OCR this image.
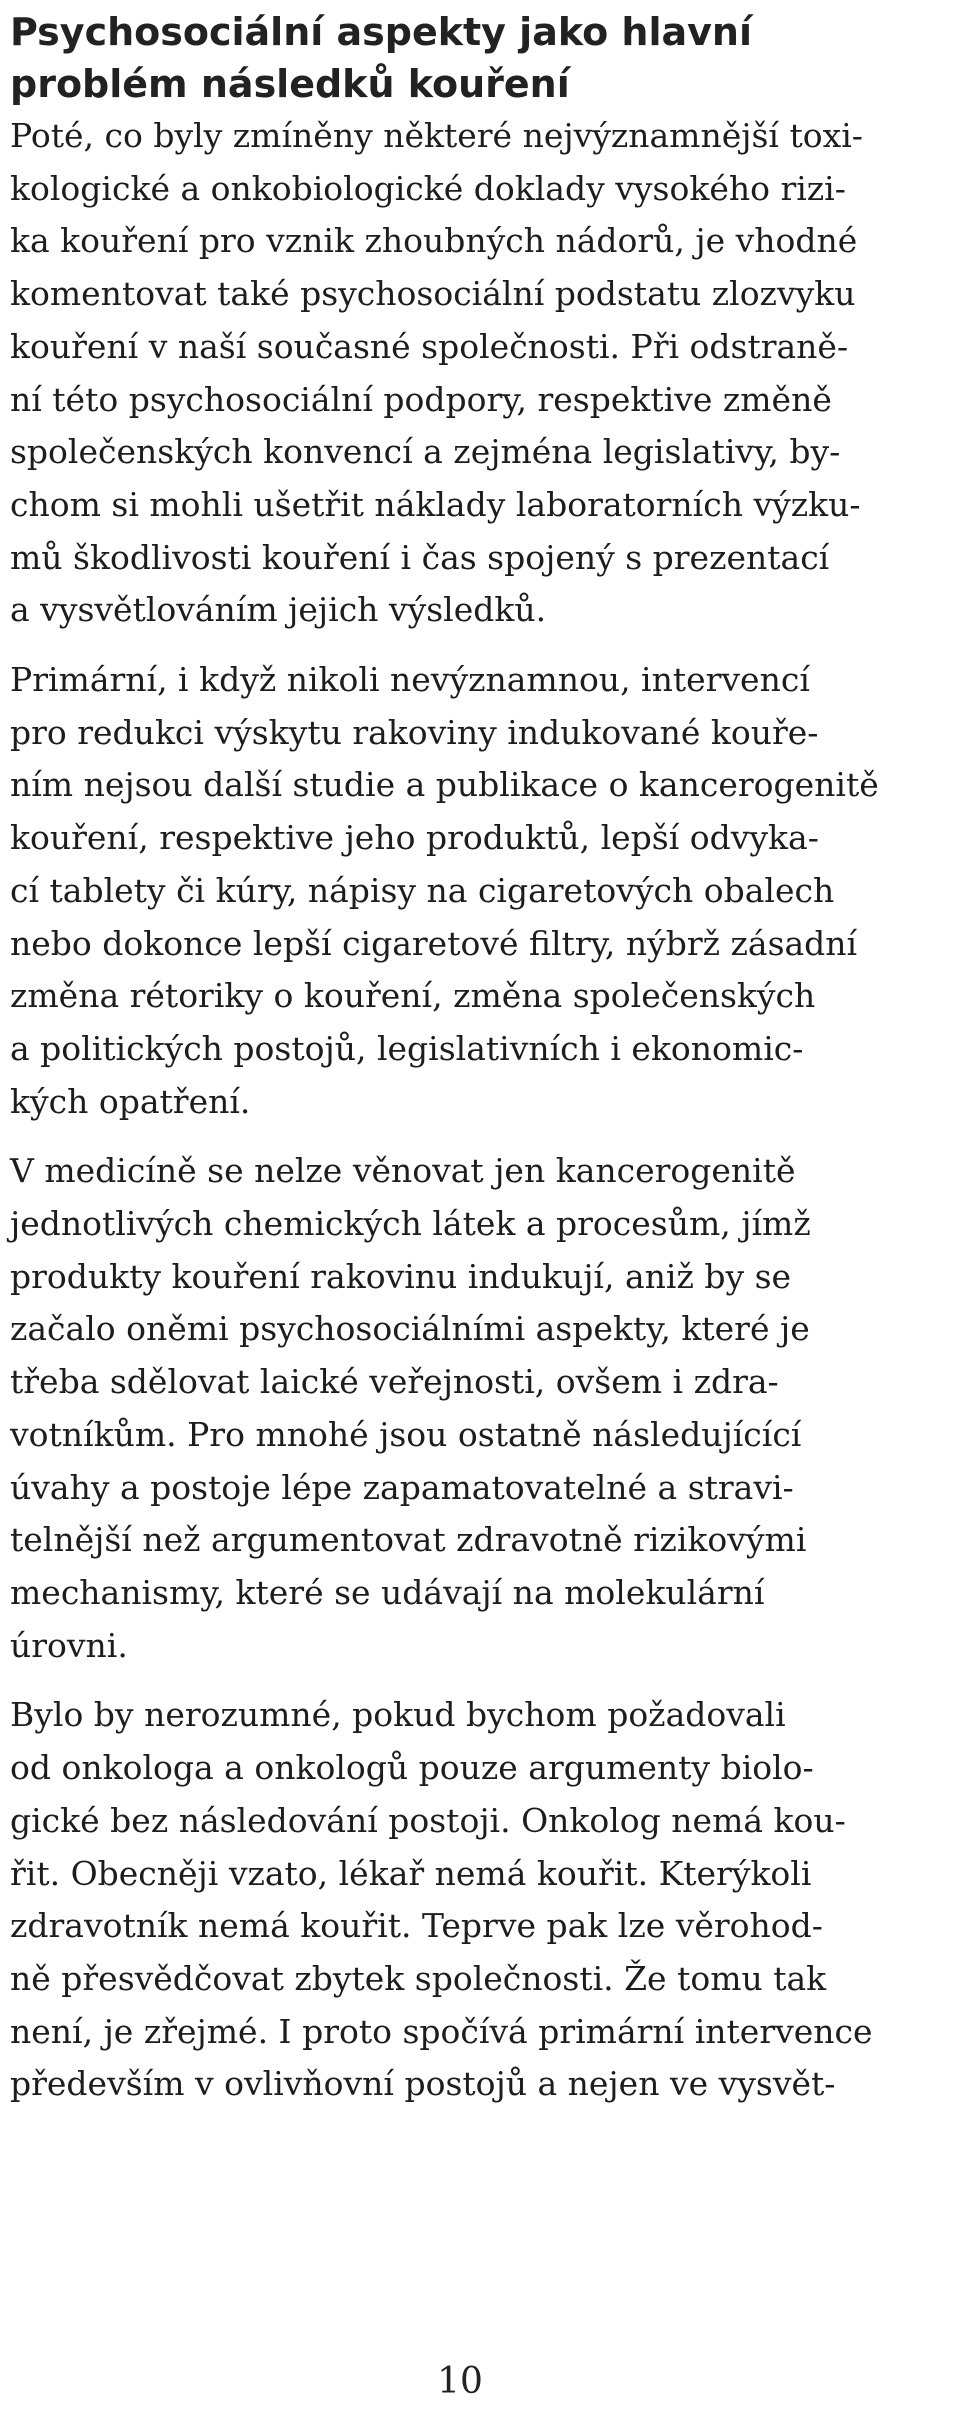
Psychosociální aspekty jako hlavní
problém následků kouření

Poté, co byly zmíněny některé nejvýznamnější toxi-
kologické a onkobiologické doklady vysokého rizi-
ka kouření pro vznik zhoubných nádorů, je vhodné
komentovat také psychosociální podstatu zlozvyku
kouření v naší současné společnosti. Při odstraně-
ní této psychosociální podpory, respektive změně
společenských konvencí a zejména legislativy, by-
chom si mohli ušetřit náklady laboratorních výzku-
mů škodlivosti kouření i čas spojený s prezentací
a vysvětlováním jejich výsledků.

Primární, i když nikoli nevýznamnou, intervencí
pro redukci výskytu rakoviny indukované kouře-
ním nejsou další studie a publikace o kancerogenitě
kouření, respektive jeho produktů, lepší odvyka-
cí tablety či kúry, nápisy na cigaretových obalech
nebo dokonce lepší cigaretové filtry, nýbrž zásadní
změna rétoriky o kouření, změna společenských
a politických postojů, legislativních i ekonomic-
kých opatření.

V medicíně se nelze věnovat jen kancerogenitě
jednotlivých chemických látek a procesům, jímž
produkty kouření rakovinu indukují, aniž by se
začalo oněmi psychosociálními aspekty, které je
třeba sdělovat laické veřejnosti, ovšem i zdra-
votníkům. Pro mnohé jsou ostatně následujícící
úvahy a postoje lépe zapamatovatelné a stravi-
telnější než argumentovat zdravotně rizikovými
mechanismy, které se udávají na molekulární
úrovni.

Bylo by nerozumné, pokud bychom požadovali
od onkologa a onkologů pouze argumenty biolo-
gické bez následování postoji. Onkolog nemá kou-
řit. Obecněji vzato, lékař nemá kouřit. Kterýkoli
zdravotník nemá kouřit. Teprve pak lze věrohod-
ně přesvědčovat zbytek společnosti. Že tomu tak
není, je zřejmé. I proto spočívá primární intervence
především v ovlivňovní postojů a nejen ve vysvět-

10
